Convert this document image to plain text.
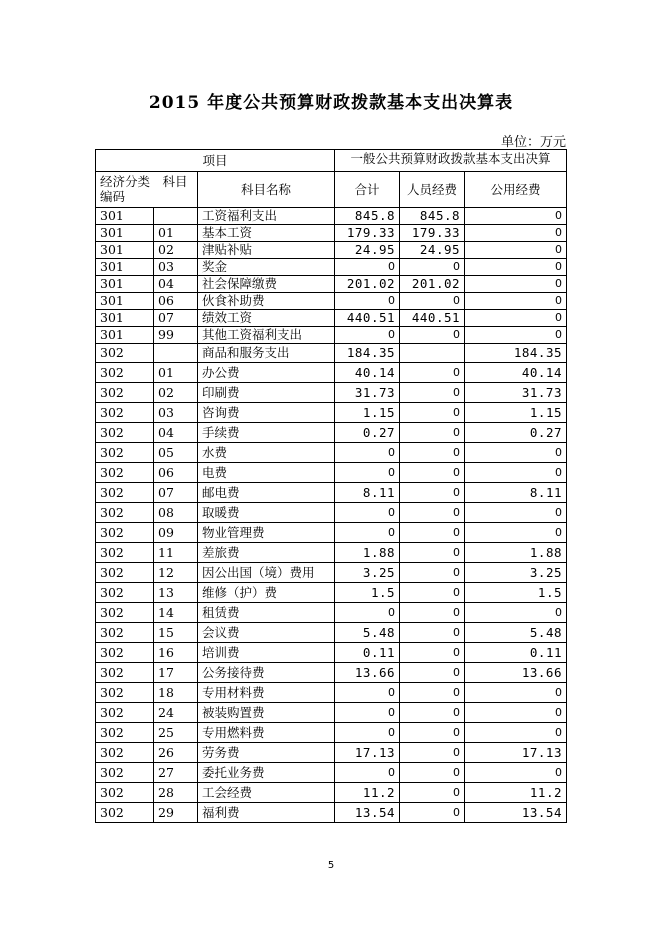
2015 年度公共预算财政拨款基本支出决算表
单位：万元
项目			一般公共预算财政拨款基本支出决算		

经济分类　科目编码		科目名称	合计	人员经费	公用经费
301		工资福利支出	845.8	845.8	0
301	01	基本工资	179.33	179.33	0
301	02	津贴补贴	24.95	24.95	0
301	03	奖金	0	0	0
301	04	社会保障缴费	201.02	201.02	0
301	06	伙食补助费	0	0	0
301	07	绩效工资	440.51	440.51	0
301	99	其他工资福利支出	0	0	0
302		商品和服务支出	184.35		184.35
302	01	办公费	40.14	0	40.14
302	02	印刷费	31.73	0	31.73
302	03	咨询费	1.15	0	1.15
302	04	手续费	0.27	0	0.27
302	05	水费	0	0	0
302	06	电费	0	0	0
302	07	邮电费	8.11	0	8.11
302	08	取暖费	0	0	0
302	09	物业管理费	0	0	0
302	11	差旅费	1.88	0	1.88
302	12	因公出国（境）费用	3.25	0	3.25
302	13	维修（护）费	1.5	0	1.5
302	14	租赁费	0	0	0
302	15	会议费	5.48	0	5.48
302	16	培训费	0.11	0	0.11
302	17	公务接待费	13.66	0	13.66
302	18	专用材料费	0	0	0
302	24	被装购置费	0	0	0
302	25	专用燃料费	0	0	0
302	26	劳务费	17.13	0	17.13
302	27	委托业务费	0	0	0
302	28	工会经费	11.2	0	11.2
302	29	福利费	13.54	0	13.54
5
